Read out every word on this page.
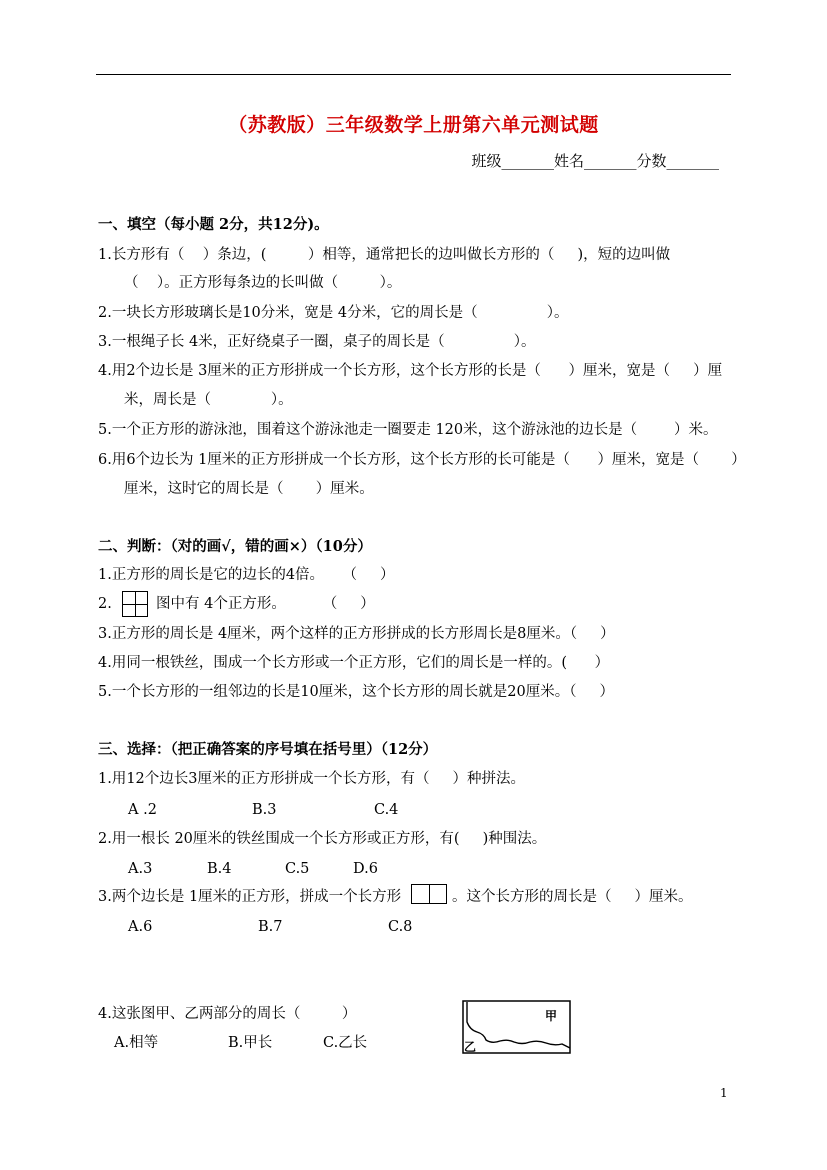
（苏教版）三年级数学上册第六单元测试题
班级_______姓名_______分数_______
一、填空（每小题 2分，共12分)。
1.长方形有（    ）条边，(         ）相等，通常把长的边叫做长方形的（     )，短的边叫做
（    ）。正方形每条边的长叫做（         ）。
2.一块长方形玻璃长是10分米，宽是 4分米，它的周长是（               ）。
3.一根绳子长 4米，正好绕桌子一圈，桌子的周长是（               ）。
4.用2个边长是 3厘米的正方形拼成一个长方形，这个长方形的长是（      ）厘米，宽是（     ）厘
米，周长是（             ）。
5.一个正方形的游泳池，围着这个游泳池走一圈要走 120米，这个游泳池的边长是（        ）米。
6.用6个边长为 1厘米的正方形拼成一个长方形，这个长方形的长可能是（      ）厘米，宽是（       ）
厘米，这时它的周长是（       ）厘米。
二、判断：（对的画√，错的画×）（10分）
1.正方形的周长是它的边长的4倍。    （     ）
2.	图中有 4个正方形。        （     ）
3.正方形的周长是 4厘米，两个这样的正方形拼成的长方形周长是8厘米。（     ）
4.用同一根铁丝，围成一个长方形或一个正方形，它们的周长是一样的。(      ）
5.一个长方形的一组邻边的长是10厘米，这个长方形的周长就是20厘米。（     ）
三、选择：（把正确答案的序号填在括号里）（12分）
1.用12个边长3厘米的正方形拼成一个长方形，有（     ）种拼法。
A .2	B.3	C.4
2.用一根长 20厘米的铁丝围成一个长方形或正方形，有(     )种围法。
A.3	B.4	C.5	D.6
3.两个边长是 1厘米的正方形，拼成一个长方形	。这个长方形的周长是（     ）厘米。
A.6	B.7	C.8
4.这张图甲、乙两部分的周长（         ）
A.相等	B.甲长	C.乙长
甲
乙
1
